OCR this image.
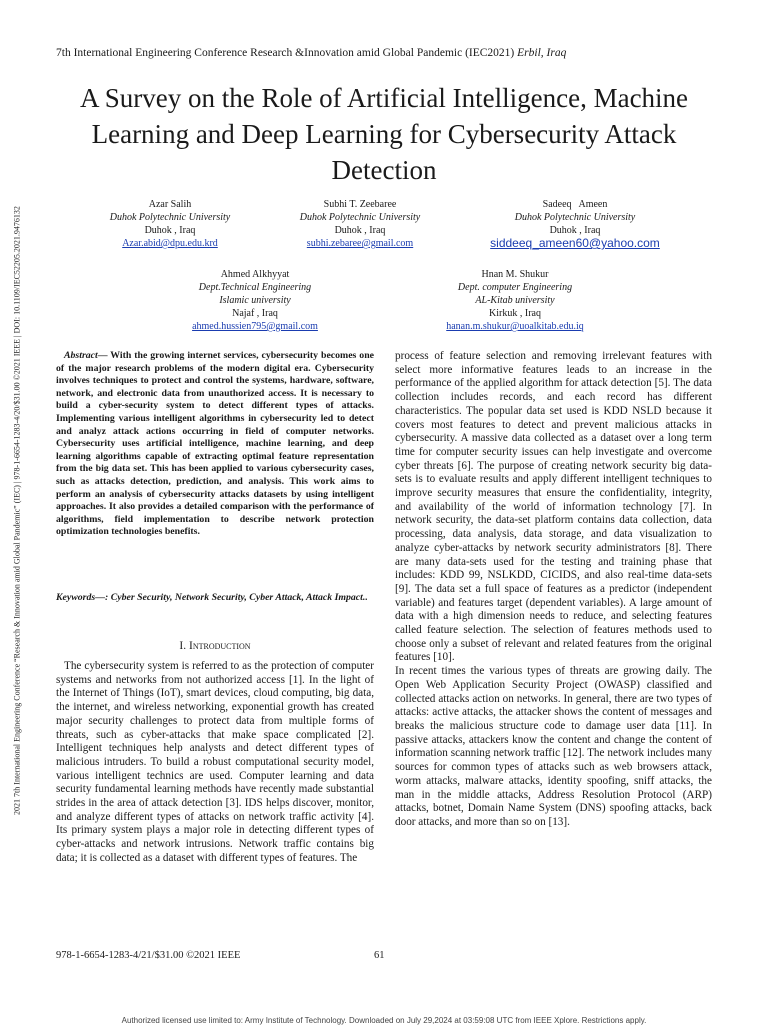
7th International Engineering Conference Research &Innovation amid Global Pandemic (IEC2021) Erbil, Iraq
2021 7th International Engineering Conference “Research & Innovation amid Global Pandemic” (IEC) | 978-1-6654-1283-4/20/$31.00 ©2021 IEEE | DOI: 10.1109/IEC52205.2021.9476132
A Survey on the Role of Artificial Intelligence, Machine Learning and Deep Learning for Cybersecurity Attack Detection
Azar Salih
Duhok Polytechnic University
Duhok , Iraq
Azar.abid@dpu.edu.krd
Subhi T. Zeebaree
Duhok Polytechnic University
Duhok , Iraq
subhi.zebaree@gmail.com
Sadeeq   Ameen
Duhok Polytechnic University
Duhok , Iraq
siddeeq_ameen60@yahoo.com
Ahmed Alkhyyat
Dept.Technical Engineering
Islamic university
Najaf , Iraq
ahmed.hussien795@gmail.com
Hnan M. Shukur
Dept. computer Engineering
AL-Kitab university
Kirkuk , Iraq
hanan.m.shukur@uoalkitab.edu.iq

Abstract— With the growing internet services, cybersecurity becomes one of the major research problems of the modern digital era. Cybersecurity involves techniques to protect and control the systems, hardware, software, network, and electronic data from unauthorized access. It is necessary to build a cyber-security system to detect different types of attacks. Implementing various intelligent algorithms in cybersecurity led to detect and analyz attack actions occurring in field of computer networks. Cybersecurity uses artificial intelligence, machine learning, and deep learning algorithms capable of extracting optimal feature representation from the big data set. This has been applied to various cybersecurity cases, such as attacks detection, prediction, and analysis. This work aims to perform an analysis of cybersecurity attacks datasets by using intelligent approaches. It also provides a detailed comparison with the performance of algorithms, field implementation to describe network protection optimization technologies benefits.

Keywords—: Cyber Security, Network Security, Cyber Attack, Attack Impact..
I. Introduction

The cybersecurity system is referred to as the protection of computer systems and networks from not authorized access [1]. In the light of the Internet of Things (IoT), smart devices, cloud computing, big data, the internet, and wireless networking, exponential growth has created major security challenges to protect data from multiple forms of threats, such as cyber-attacks that make space complicated [2]. Intelligent techniques help analysts and detect different types of malicious intruders. To build a robust computational security model, various intelligent technics are used. Computer learning and data security fundamental learning methods have recently made substantial strides in the area of attack detection [3]. IDS helps discover, monitor, and analyze different types of attacks on network traffic activity [4]. Its primary system plays a major role in detecting different types of cyber-attacks and network intrusions. Network traffic contains big data; it is collected as a dataset with different types of features. The

process of feature selection and removing irrelevant features with select more informative features leads to an increase in the performance of the applied algorithm for attack detection [5]. The data collection includes records, and each record has different characteristics. The popular data set used is KDD NSLD because it covers most features to detect and prevent malicious attacks in cybersecurity. A massive data collected as a dataset over a long term time for computer security issues can help investigate and overcome cyber threats [6]. The purpose of creating network security big data-sets is to evaluate results and apply different intelligent techniques to improve security measures that ensure the confidentiality, integrity, and availability of the world of information technology [7]. In network security, the data-set platform contains data collection, data processing, data analysis, data storage, and data visualization to analyze cyber-attacks by network security administrators [8]. There are many data-sets used for the testing and training phase that includes: KDD 99, NSLKDD, CICIDS, and also real-time data-sets [9]. The data set a full space of features as a predictor (independent variable) and features target (dependent variables). A large amount of data with a high dimension needs to reduce, and selecting features called feature selection. The selection of features methods used to choose only a subset of relevant and related features from the original features [10].

In recent times the various types of threats are growing daily. The Open Web Application Security Project (OWASP) classified and collected attacks action on networks. In general, there are two types of attacks: active attacks, the attacker shows the content of messages and breaks the malicious structure code to damage user data [11]. In passive attacks, attackers know the content and change the content of information scanning network traffic [12]. The network includes many sources for common types of attacks such as web browsers attack, worm attacks, malware attacks, identity spoofing, sniff attacks, the man in the middle attacks, Address Resolution Protocol (ARP) attacks, botnet, Domain Name System (DNS) spoofing attacks, back door attacks, and more than so on [13].

978-1-6654-1283-4/21/$31.00 ©2021 IEEE	61
Authorized licensed use limited to: Army Institute of Technology. Downloaded on July 29,2024 at 03:59:08 UTC from IEEE Xplore. Restrictions apply.
